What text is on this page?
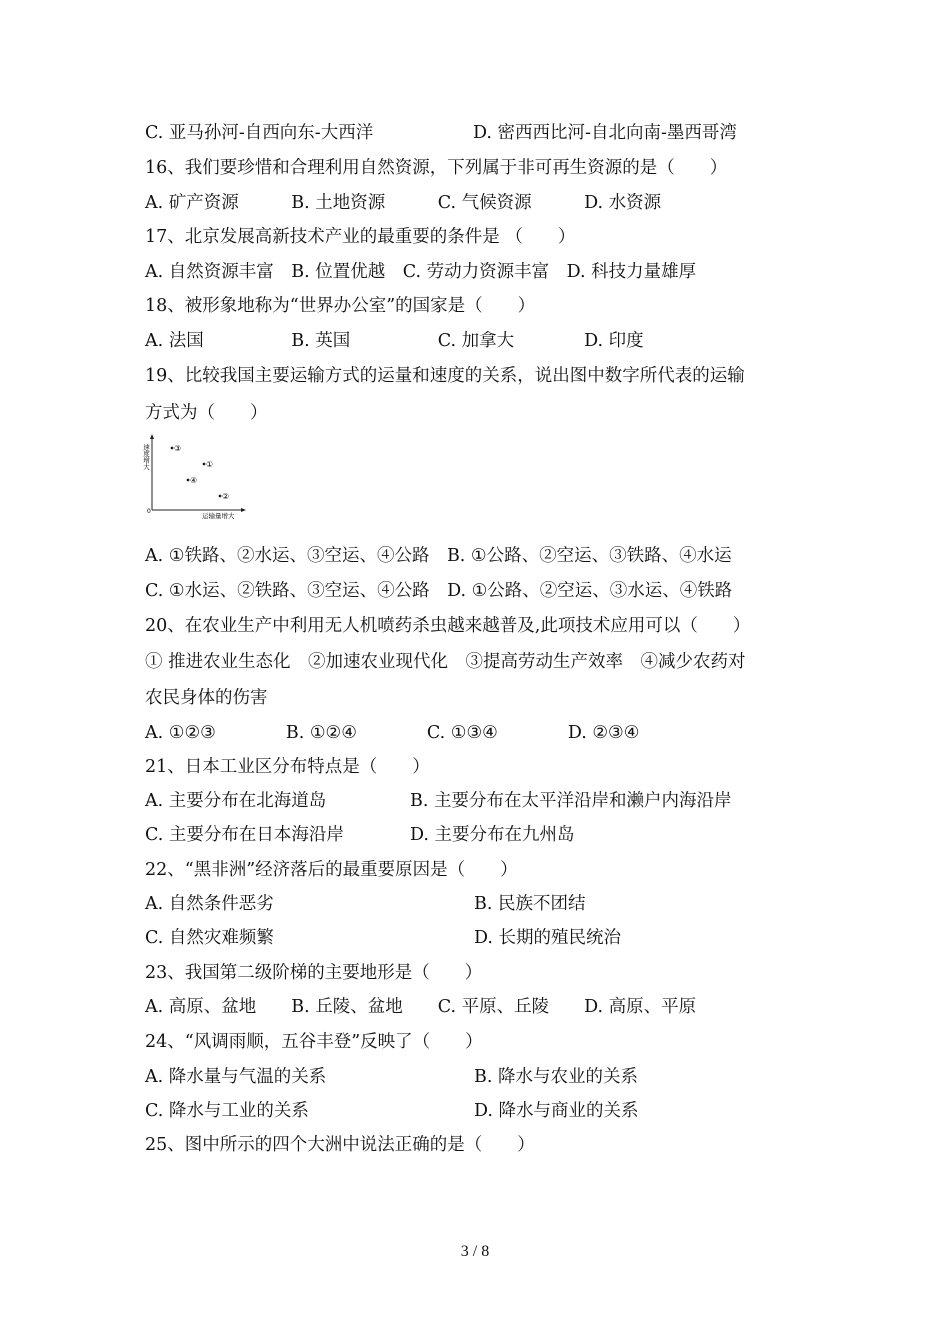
C. 亚马孙河-自西向东-大西洋	D. 密西西比河-自北向南-墨西哥湾
16、我们要珍惜和合理利用自然资源，下列属于非可再生资源的是（　　）
A. 矿产资源　　　B. 土地资源　　　C. 气候资源　　　D. 水资源
17、北京发展高新技术产业的最重要的条件是 （　　）
A. 自然资源丰富　B. 位置优越　C. 劳动力资源丰富　D. 科技力量雄厚
18、被形象地称为“世界办公室”的国家是（　　）
A. 法国　　　　　B. 英国　　　　　C. 加拿大　　　　D. 印度
19、比较我国主要运输方式的运量和速度的关系，说出图中数字所代表的运输
方式为（　　）
速度增大
运输量增大
0
③
①
④
②
A. ①铁路、②水运、③空运、④公路　B. ①公路、②空运、③铁路、④水运
C. ①水运、②铁路、③空运、④公路　D. ①公路、②空运、③水运、④铁路
20、在农业生产中利用无人机喷药杀虫越来越普及,此项技术应用可以（　　）
① 推进农业生态化　②加速农业现代化　③提高劳动生产效率　④减少农药对
农民身体的伤害
A. ①②③　　　　B. ①②④　　　　C. ①③④　　　　D. ②③④
21、日本工业区分布特点是（　　）
A. 主要分布在北海道岛	B. 主要分布在太平洋沿岸和濑户内海沿岸
C. 主要分布在日本海沿岸	D. 主要分布在九州岛
22、“黑非洲”经济落后的最重要原因是（　　）
A. 自然条件恶劣	B. 民族不团结
C. 自然灾难频繁	D. 长期的殖民统治
23、我国第二级阶梯的主要地形是（　　）
A. 高原、盆地　　B. 丘陵、盆地　　C. 平原、丘陵　　D. 高原、平原
24、“风调雨顺，五谷丰登”反映了（　　）
A. 降水量与气温的关系	B. 降水与农业的关系
C. 降水与工业的关系	D. 降水与商业的关系
25、图中所示的四个大洲中说法正确的是（　　）
3 / 8
